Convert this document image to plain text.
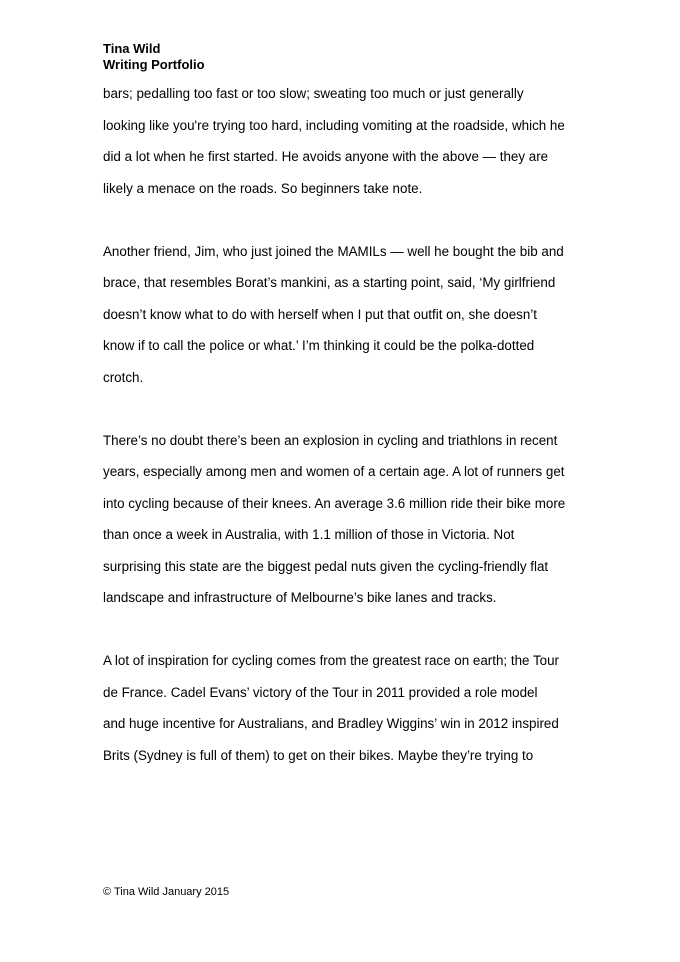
Tina Wild
Writing Portfolio
bars; pedalling too fast or too slow; sweating too much or just generally
looking like you're trying too hard, including vomiting at the roadside, which he
did a lot when he first started. He avoids anyone with the above — they are
likely a menace on the roads. So beginners take note.
Another friend, Jim, who just joined the MAMILs — well he bought the bib and
brace, that resembles Borat’s mankini, as a starting point, said, ‘My girlfriend
doesn’t know what to do with herself when I put that outfit on, she doesn’t
know if to call the police or what.’ I’m thinking it could be the polka-dotted
crotch.
There’s no doubt there’s been an explosion in cycling and triathlons in recent
years, especially among men and women of a certain age. A lot of runners get
into cycling because of their knees. An average 3.6 million ride their bike more
than once a week in Australia, with 1.1 million of those in Victoria. Not
surprising this state are the biggest pedal nuts given the cycling-friendly flat
landscape and infrastructure of Melbourne’s bike lanes and tracks.
A lot of inspiration for cycling comes from the greatest race on earth; the Tour
de France. Cadel Evans’ victory of the Tour in 2011 provided a role model
and huge incentive for Australians, and Bradley Wiggins’ win in 2012 inspired
Brits (Sydney is full of them) to get on their bikes. Maybe they’re trying to
© Tina Wild January 2015
